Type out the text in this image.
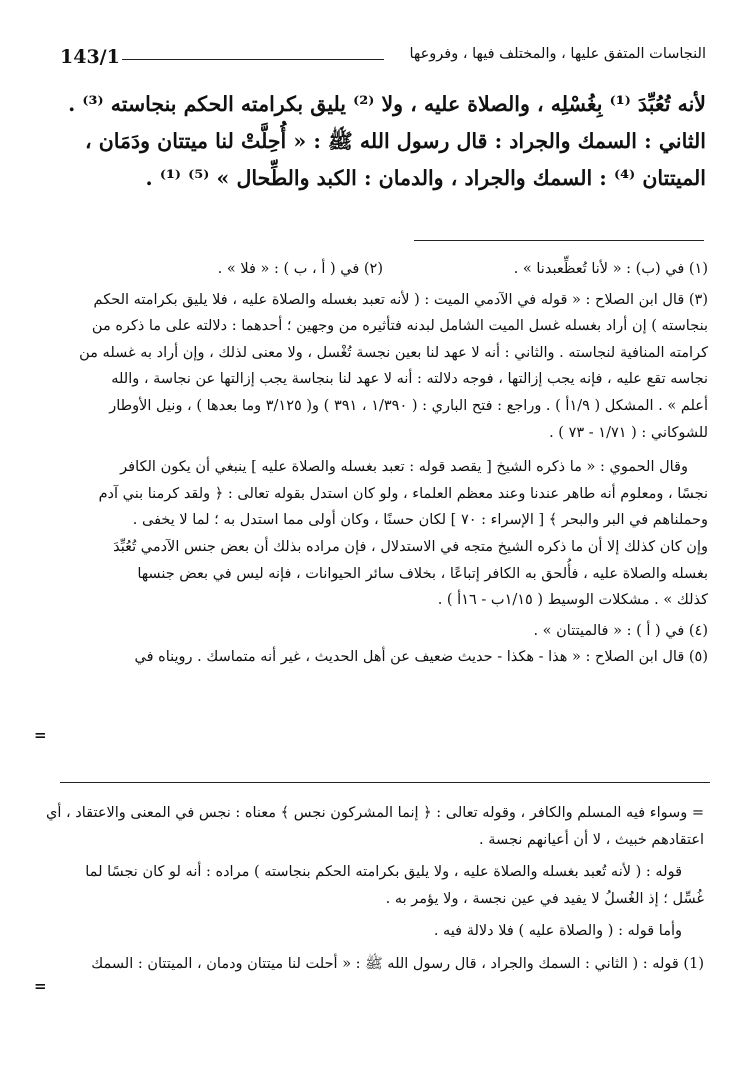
143/1	النجاسات المتفق عليها ، والمختلف فيها ، وفروعها

لأنه تُعُبِّدَ ⁽¹⁾ بِغُسْلِه ، والصلاة عليه ، ولا ⁽²⁾ يليق بكرامته الحكم بنجاسته ⁽³⁾ .

الثاني : السمك والجراد : قال رسول الله ﷺ : « أُحِلَّتْ لنا ميتتان ودَمَان ،

الميتتان ⁽⁴⁾ : السمك والجراد ، والدمان : الكبد والطِّحال » ⁽⁵⁾ ⁽¹⁾ .

(١) في (ب) : « لأنا تُعظِّعبدنا » .

(٢) في ( أ ، ب ) : « فلا » .

(٣) قال ابن الصلاح : « قوله في الآدمي الميت : ( لأنه تعبد بغسله والصلاة عليه ، فلا يليق بكرامته الحكم

بنجاسته ) إن أراد بغسله غسل الميت الشامل لبدنه فتأثيره من وجهين ؛ أحدهما : دلالته على ما ذكره من

كرامته المنافية لنجاسته . والثاني : أنه لا عهد لنا بعين نجسة تُغْسل ، ولا معنى لذلك ، وإن أراد به غسله من

نجاسه تقع عليه ، فإنه يجب إزالتها ، فوجه دلالته : أنه لا عهد لنا بنجاسة يجب إزالتها عن نجاسة ، والله

أعلم » . المشكل ( ١/٩أ ) . وراجع : فتح الباري : ( ١/٣٩٠ ، ٣٩١ ) و( ٣/١٢٥ وما بعدها ) ، ونيل الأوطار

للشوكاني : ( ١/٧١ - ٧٣ ) .

وقال الحموي : « ما ذكره الشيخ [ يقصد قوله : تعبد بغسله والصلاة عليه ] ينبغي أن يكون الكافر

نجسًا ، ومعلوم أنه طاهر عندنا وعند معظم العلماء ، ولو كان استدل بقوله تعالى : ﴿ ولقد كرمنا بني آدم

وحملناهم في البر والبحر ﴾ [ الإسراء : ٧٠ ] لكان حسنًا ، وكان أولى مما استدل به ؛ لما لا يخفى .

وإن كان كذلك إلا أن ما ذكره الشيخ متجه في الاستدلال ، فإن مراده بذلك أن بعض جنس الآدمي تُعُبِّدَ

بغسله والصلاة عليه ، فأُلحق به الكافر إتباعًا ، بخلاف سائر الحيوانات ، فإنه ليس في بعض جنسها

كذلك » . مشكلات الوسيط ( ١/١٥ب - ١٦أ ) .

(٤) في ( أ ) : « فالميتتان » .

(٥) قال ابن الصلاح : « هذا - هكذا - حديث ضعيف عن أهل الحديث ، غير أنه متماسك . رويناه في

=

= وسواء فيه المسلم والكافر ، وقوله تعالى : ﴿ إنما المشركون نجس ﴾ معناه : نجس في المعنى والاعتقاد ، أي

اعتقادهم خبيث ، لا أن أعيانهم نجسة .

قوله : ( لأنه تُعبد بغسله والصلاة عليه ، ولا يليق بكرامته الحكم بنجاسته ) مراده : أنه لو كان نجسًا لما

غُسِّل ؛ إذ الغُسلُ لا يفيد في عين نجسة ، ولا يؤمر به .

وأما قوله : ( والصلاة عليه ) فلا دلالة فيه .

(1) قوله : ( الثاني : السمك والجراد ، قال رسول الله ﷺ : « أحلت لنا ميتتان ودمان ، الميتتان : السمك

=
